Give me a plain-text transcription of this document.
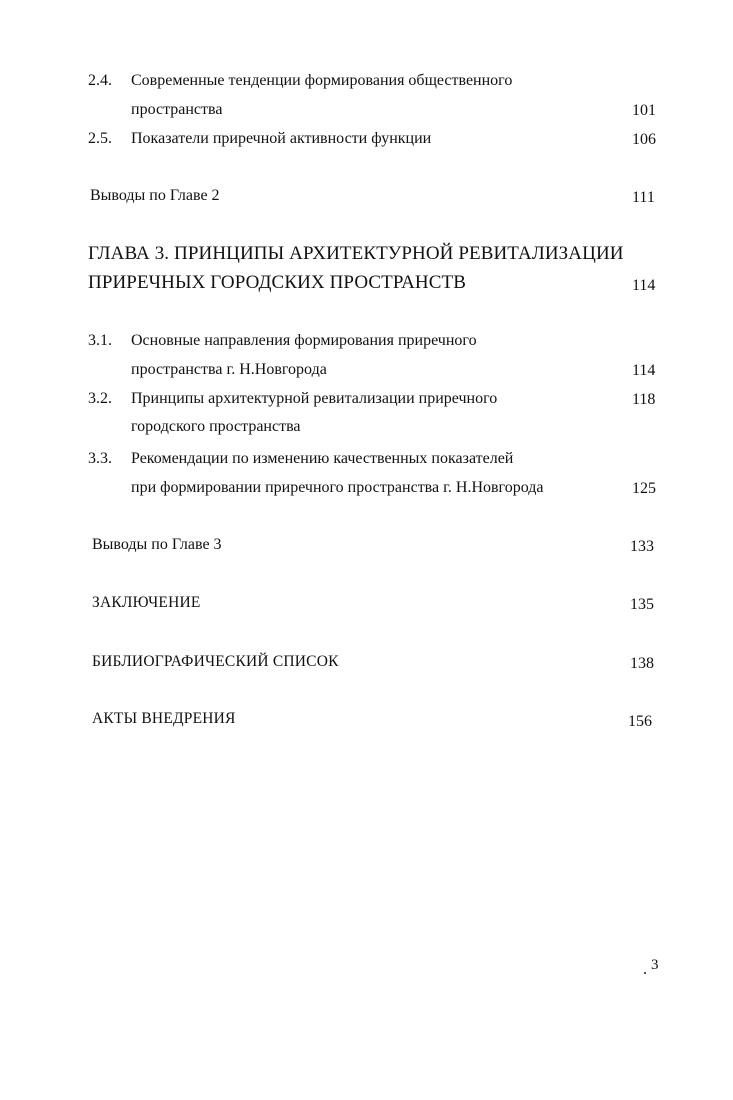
2.4. Современные тенденции формирования общественного
пространства	101
2.5. Показатели приречной активности функции	106
Выводы по Главе 2	111
ГЛАВА 3. ПРИНЦИПЫ АРХИТЕКТУРНОЙ РЕВИТАЛИЗАЦИИ
ПРИРЕЧНЫХ ГОРОДСКИХ ПРОСТРАНСТВ	114
3.1. Основные направления формирования приречного
пространства г. Н.Новгорода	114
3.2. Принципы архитектурной ревитализации приречного	118
городского пространства
3.3. Рекомендации по изменению качественных показателей
при формировании приречного пространства г. Н.Новгорода	125
Выводы по Главе 3	133
ЗАКЛЮЧЕНИЕ	135
БИБЛИОГРАФИЧЕСКИЙ СПИСОК	138
АКТЫ ВНЕДРЕНИЯ	156
3
